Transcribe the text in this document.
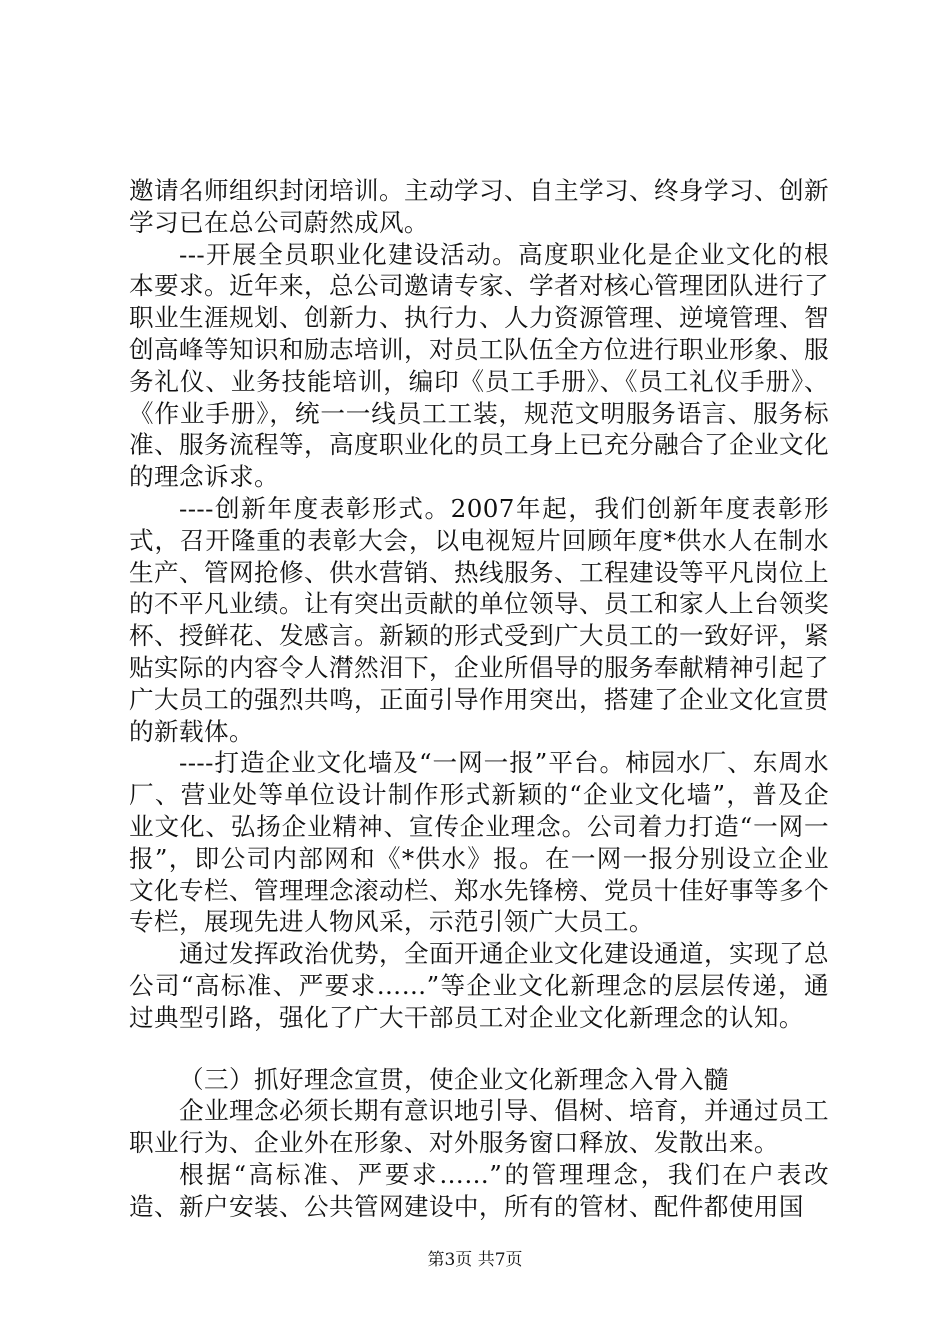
邀请名师组织封闭培训。主动学习、自主学习、终身学习、创新学习已在总公司蔚然成风。

---开展全员职业化建设活动。高度职业化是企业文化的根本要求。近年来，总公司邀请专家、学者对核心管理团队进行了职业生涯规划、创新力、执行力、人力资源管理、逆境管理、智创高峰等知识和励志培训，对员工队伍全方位进行职业形象、服务礼仪、业务技能培训，编印《员工手册》、《员工礼仪手册》、《作业手册》，统一一线员工工装，规范文明服务语言、服务标准、服务流程等，高度职业化的员工身上已充分融合了企业文化的理念诉求。

----创新年度表彰形式。2007年起，我们创新年度表彰形式，召开隆重的表彰大会，以电视短片回顾年度*供水人在制水生产、管网抢修、供水营销、热线服务、工程建设等平凡岗位上的不平凡业绩。让有突出贡献的单位领导、员工和家人上台领奖杯、授鲜花、发感言。新颖的形式受到广大员工的一致好评，紧贴实际的内容令人潸然泪下，企业所倡导的服务奉献精神引起了广大员工的强烈共鸣，正面引导作用突出，搭建了企业文化宣贯的新载体。

----打造企业文化墙及“一网一报”平台。柿园水厂、东周水厂、营业处等单位设计制作形式新颖的“企业文化墙”，普及企业文化、弘扬企业精神、宣传企业理念。公司着力打造“一网一报”，即公司内部网和《*供水》报。在一网一报分别设立企业文化专栏、管理理念滚动栏、郑水先锋榜、党员十佳好事等多个专栏，展现先进人物风采，示范引领广大员工。

通过发挥政治优势，全面开通企业文化建设通道，实现了总公司“高标准、严要求……”等企业文化新理念的层层传递，通过典型引路，强化了广大干部员工对企业文化新理念的认知。

（三）抓好理念宣贯，使企业文化新理念入骨入髓

企业理念必须长期有意识地引导、倡树、培育，并通过员工职业行为、企业外在形象、对外服务窗口释放、发散出来。

根据“高标准、严要求……”的管理理念，我们在户表改造、新户安装、公共管网建设中，所有的管材、配件都使用国

第3页 共7页
